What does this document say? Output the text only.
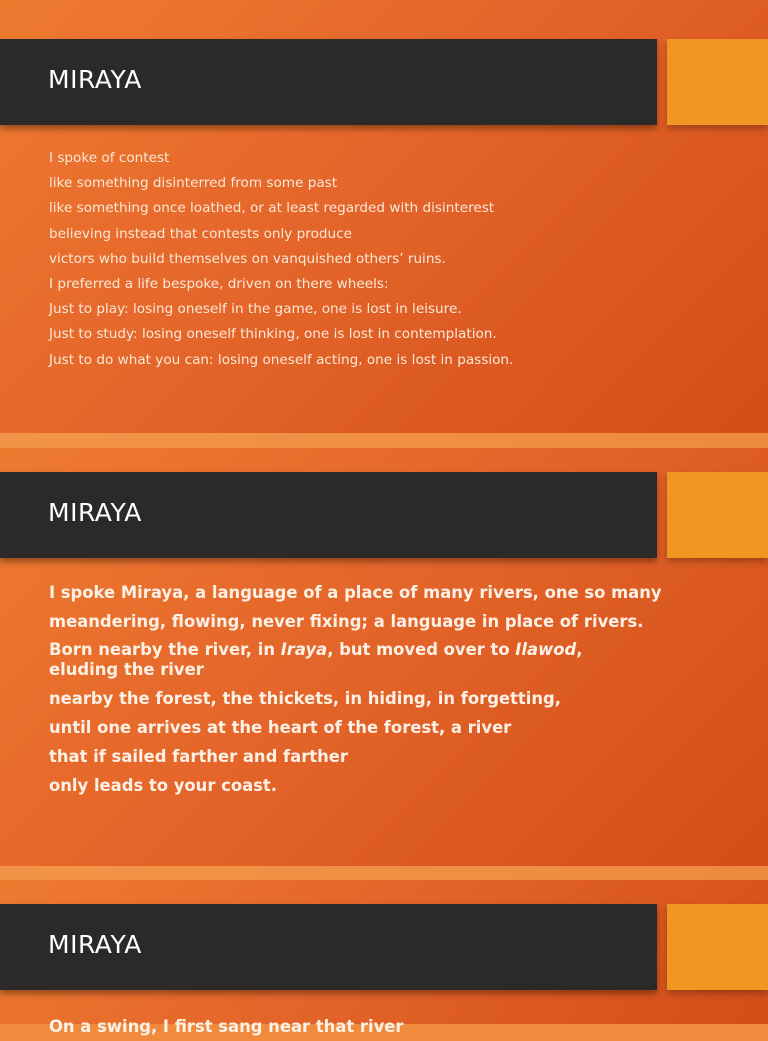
MIRAYA
I spoke of contest
like something disinterred from some past
like something once loathed, or at least regarded with disinterest
believing instead that contests only produce
victors who build themselves on vanquished others’ ruins.
I preferred a life bespoke, driven on there wheels:
Just to play: losing oneself in the game, one is lost in leisure.
Just to study: losing oneself thinking, one is lost in contemplation.
Just to do what you can: losing oneself acting, one is lost in passion.
MIRAYA
I spoke Miraya, a language of a place of many rivers, one so many
meandering, flowing, never fixing; a language in place of rivers.
Born nearby the river, in Iraya, but moved over to Ilawod,
eluding the river
nearby the forest, the thickets, in hiding, in forgetting,
until one arrives at the heart of the forest, a river
that if sailed farther and farther
only leads to your coast.
MIRAYA
On a swing, I first sang near that river
